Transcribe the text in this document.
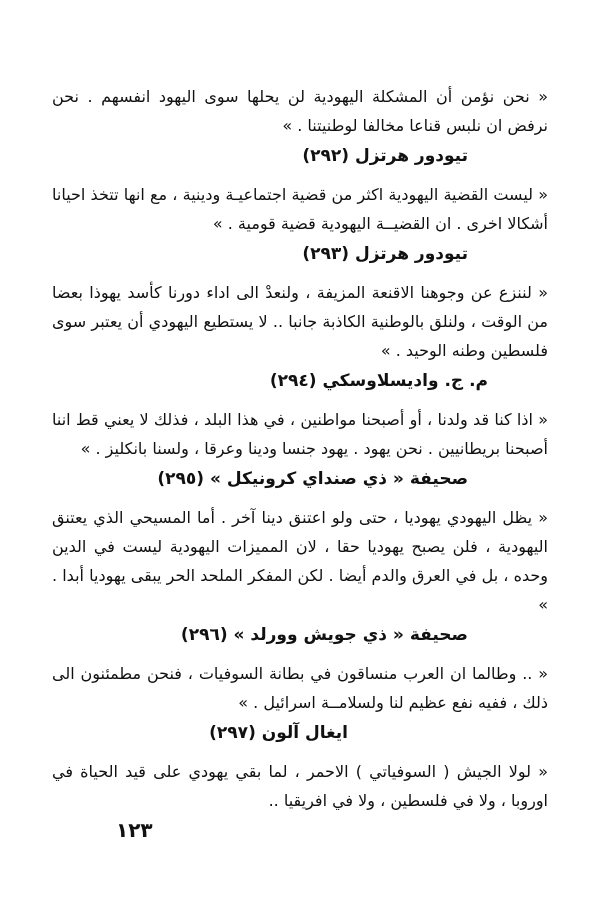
« نحن نؤمن أن المشكلة اليهودية لن يحلها سوى اليهود انفسهم . نحن نرفض ان نلبس قناعا مخالفا لوطنيتنا . »

تيودور هرتزل (٢٩٢)

« ليست القضية اليهودية اكثر من قضية اجتماعيـة ودينية ، مع انها تتخذ احيانا أشكالا اخرى . ان القضيــة اليهودية قضية قومية . »

تيودور هرتزل (٢٩٣)

« لننزع عن وجوهنا الاقنعة المزيفة ، ولنعدْ الى اداء دورنا كأسد يهوذا بعضا من الوقت ، ولنلق بالوطنية الكاذبة جانبا .. لا يستطيع اليهودي أن يعتبر سوى فلسطين وطنه الوحيد . »

م. ج. واديسلاوسكي (٢٩٤)

« اذا كنا قد ولدنا ، أو أصبحنا مواطنين ، في هذا البلد ، فذلك لا يعني قط اننا أصبحنا بريطانيين . نحن يهود . يهود جنسا ودينا وعرقا ، ولسنا بانكليز . »

صحيفة « ذي صنداي كرونيكل » (٢٩٥)

« يظل اليهودي يهوديا ، حتى ولو اعتنق دينا آخر . أما المسيحي الذي يعتنق اليهودية ، فلن يصبح يهوديا حقا ، لان المميزات اليهودية ليست في الدين وحده ، بل في العرق والدم أيضا . لكن المفكر الملحد الحر يبقى يهوديا أبدا . »

صحيفة « ذي جويش وورلد » (٢٩٦)

« .. وطالما ان العرب منساقون في بطانة السوفيات ، فنحن مطمئنون الى ذلك ، ففيه نفع عظيم لنا ولسلامــة اسرائيل . »

ايغال آلون (٢٩٧)

« لولا الجيش ( السوفياتي ) الاحمر ، لما بقي يهودي على قيد الحياة في اوروبا ، ولا في فلسطين ، ولا في افريقيا ..

١٢٣
